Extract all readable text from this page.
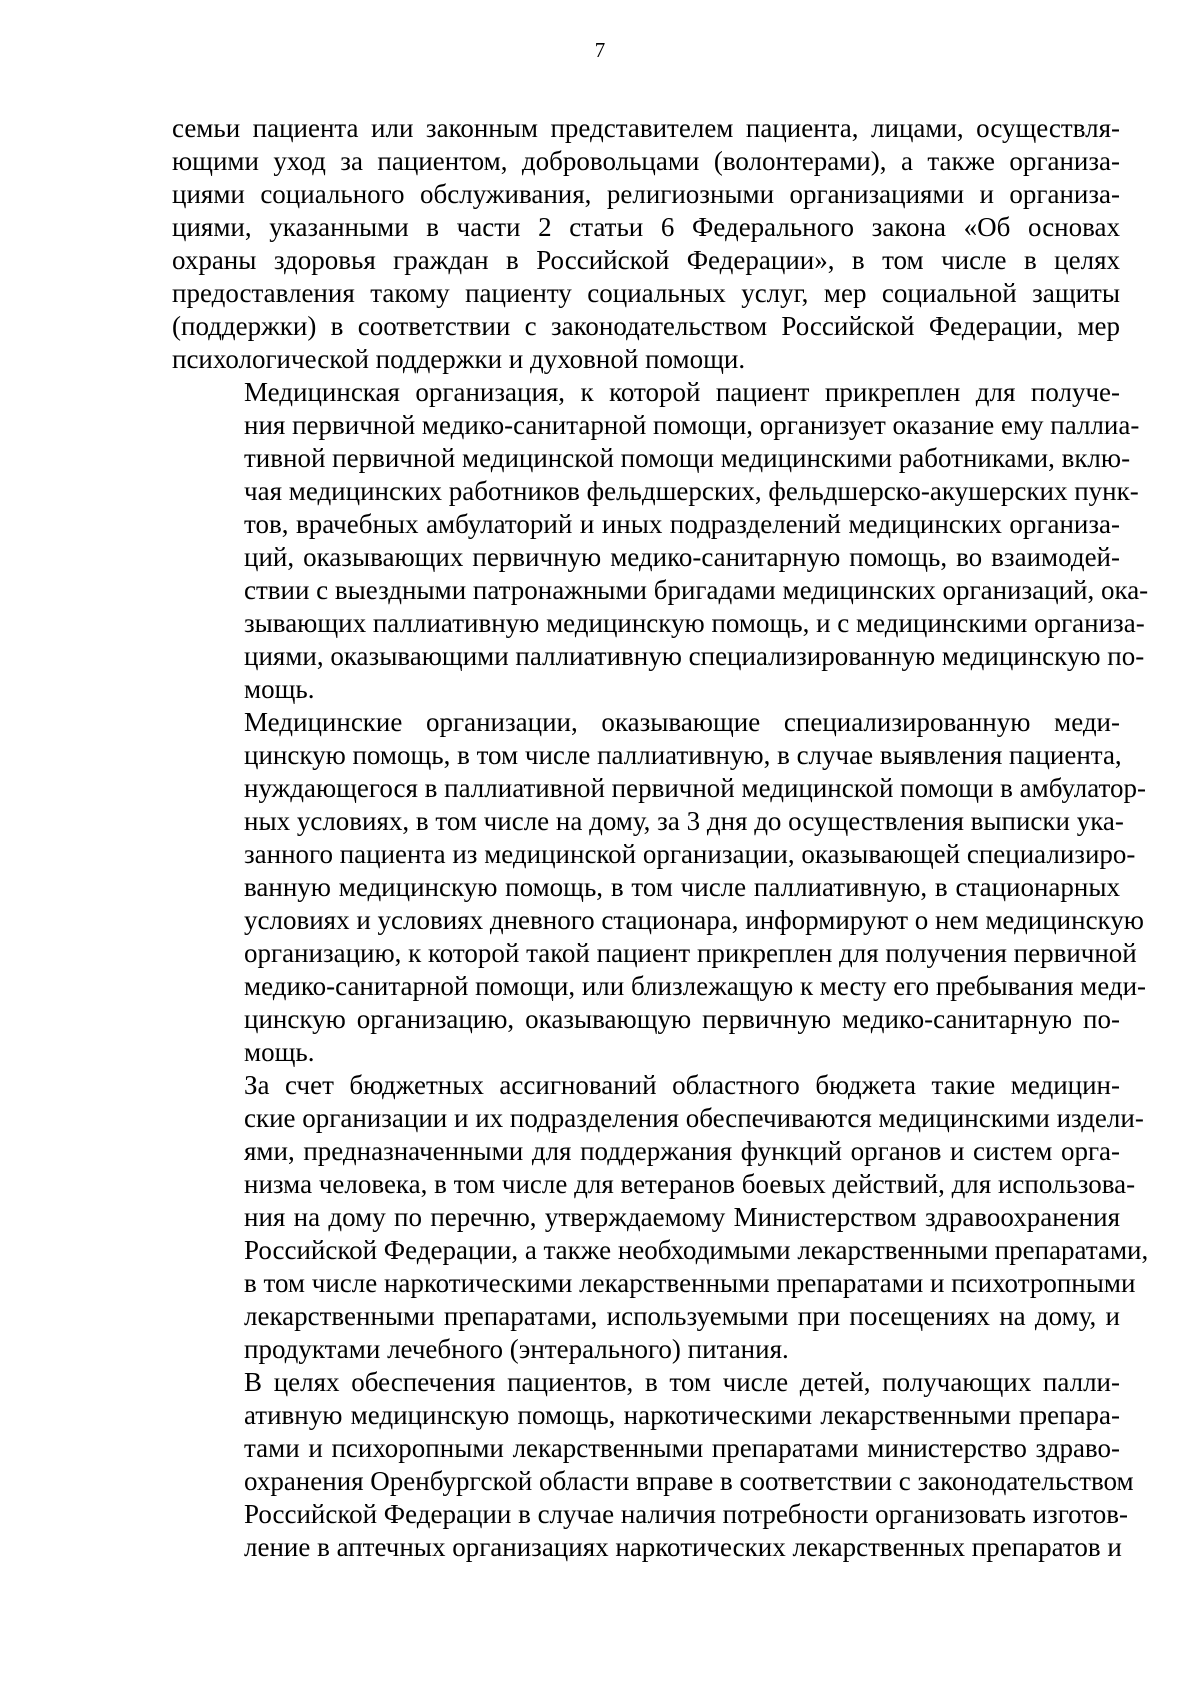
7

семьи пациента или законным представителем пациента, лицами, осуществля-
ющими уход за пациентом, добровольцами (волонтерами), а также организа-
циями социального обслуживания, религиозными организациями и организа-
циями, указанными в части 2 статьи 6 Федерального закона «Об основах
охраны здоровья граждан в Российской Федерации», в том числе в целях
предоставления такому пациенту социальных услуг, мер социальной защиты
(поддержки) в соответствии с законодательством Российской Федерации, мер
психологической поддержки и духовной помощи.

Медицинская организация, к которой пациент прикреплен для получе-
ния первичной медико-санитарной помощи, организует оказание ему паллиа-
тивной первичной медицинской помощи медицинскими работниками, вклю-
чая медицинских работников фельдшерских, фельдшерско-акушерских пунк-
тов, врачебных амбулаторий и иных подразделений медицинских организа-
ций, оказывающих первичную медико-санитарную помощь, во взаимодей-
ствии с выездными патронажными бригадами медицинских организаций, ока-
зывающих паллиативную медицинскую помощь, и с медицинскими организа-
циями, оказывающими паллиативную специализированную медицинскую по-
мощь.

Медицинские организации, оказывающие специализированную меди-
цинскую помощь, в том числе паллиативную, в случае выявления пациента,
нуждающегося в паллиативной первичной медицинской помощи в амбулатор-
ных условиях, в том числе на дому, за 3 дня до осуществления выписки ука-
занного пациента из медицинской организации, оказывающей специализиро-
ванную медицинскую помощь, в том числе паллиативную, в стационарных
условиях и условиях дневного стационара, информируют о нем медицинскую
организацию, к которой такой пациент прикреплен для получения первичной
медико-санитарной помощи, или близлежащую к месту его пребывания меди-
цинскую организацию, оказывающую первичную медико-санитарную по-
мощь.

За счет бюджетных ассигнований областного бюджета такие медицин-
ские организации и их подразделения обеспечиваются медицинскими издели-
ями, предназначенными для поддержания функций органов и систем орга-
низма человека, в том числе для ветеранов боевых действий, для использова-
ния на дому по перечню, утверждаемому Министерством здравоохранения
Российской Федерации, а также необходимыми лекарственными препаратами,
в том числе наркотическими лекарственными препаратами и психотропными
лекарственными препаратами, используемыми при посещениях на дому, и
продуктами лечебного (энтерального) питания.

В целях обеспечения пациентов, в том числе детей, получающих палли-
ативную медицинскую помощь, наркотическими лекарственными препара-
тами и психоропными лекарственными препаратами министерство здраво-
охранения Оренбургской области вправе в соответствии с законодательством
Российской Федерации в случае наличия потребности организовать изготов-
ление в аптечных организациях наркотических лекарственных препаратов и
